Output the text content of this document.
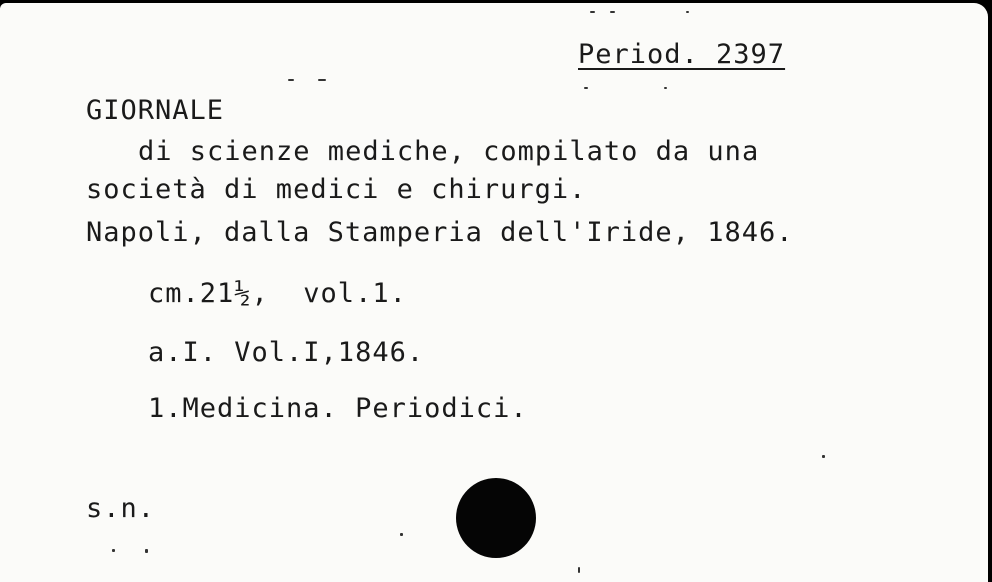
Period. 2397
GIORNALE
di scienze mediche, compilato da una
società di medici e chirurgi.
Napoli, dalla Stamperia dell'Iride, 1846.
cm.21½,  vol.1.
a.I. Vol.I,1846.
1.Medicina. Periodici.
s.n.
